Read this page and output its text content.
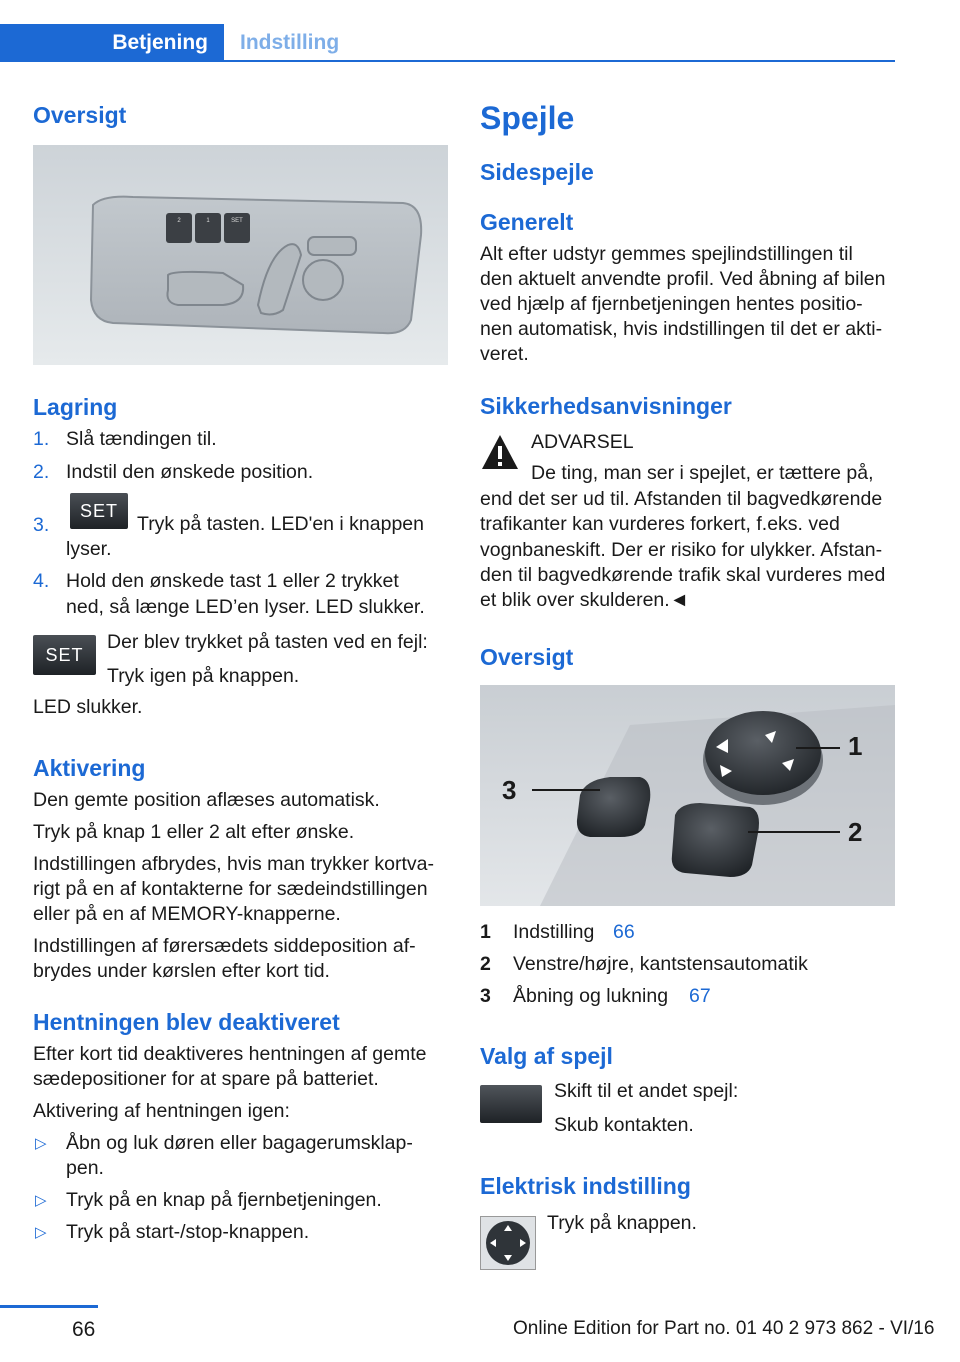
Betjening	Indstilling
Oversigt
2	1	SET
Lagring
1. Slå tændingen til.

2. Indstil den ønskede position.

3.
SET

Tryk på tasten. LED'en i knappen

lyser.

4. Hold den ønskede tast 1 eller 2 trykket

ned, så længe LED’en lyser. LED slukker.

SET

Der blev trykket på tasten ved en fejl:

Tryk igen på knappen.

LED slukker.

Aktivering

Den gemte position aflæses automatisk.

Tryk på knap 1 eller 2 alt efter ønske.

Indstillingen afbrydes, hvis man trykker kortva‐

rigt på en af kontakterne for sædeindstillingen

eller på en af MEMORY-knapperne.

Indstillingen af førersædets siddeposition af‐

brydes under kørslen efter kort tid.

Hentningen blev deaktiveret

Efter kort tid deaktiveres hentningen af gemte

sædepositioner for at spare på batteriet.

Aktivering af hentningen igen:

▷ Åbn og luk døren eller bagagerumsklap‐

pen.

▷ Tryk på en knap på fjernbetjeningen.

▷ Tryk på start-/stop-knappen.

Spejle
Sidespejle
Generelt

Alt efter udstyr gemmes spejlindstillingen til

den aktuelt anvendte profil. Ved åbning af bilen

ved hjælp af fjernbetjeningen hentes positio‐

nen automatisk, hvis indstillingen til det er akti‐

veret.

Sikkerhedsanvisninger

ADVARSEL

De ting, man ser i spejlet, er tættere på,

end det ser ud til. Afstanden til bagvedkørende

trafikanter kan vurderes forkert, f.eks. ved

vognbaneskift. Der er risiko for ulykker. Afstan‐

den til bagvedkørende trafik skal vurderes med

et blik over skulderen.◄

Oversigt
1
2
3
1 Indstilling 66
2 Venstre/højre, kantstensautomatik
3 Åbning og lukning 67
Valg af spejl

Skift til et andet spejl:

Skub kontakten.

Elektrisk indstilling

Tryk på knappen.

66	Online Edition for Part no. 01 40 2 973 862 - VI/16
